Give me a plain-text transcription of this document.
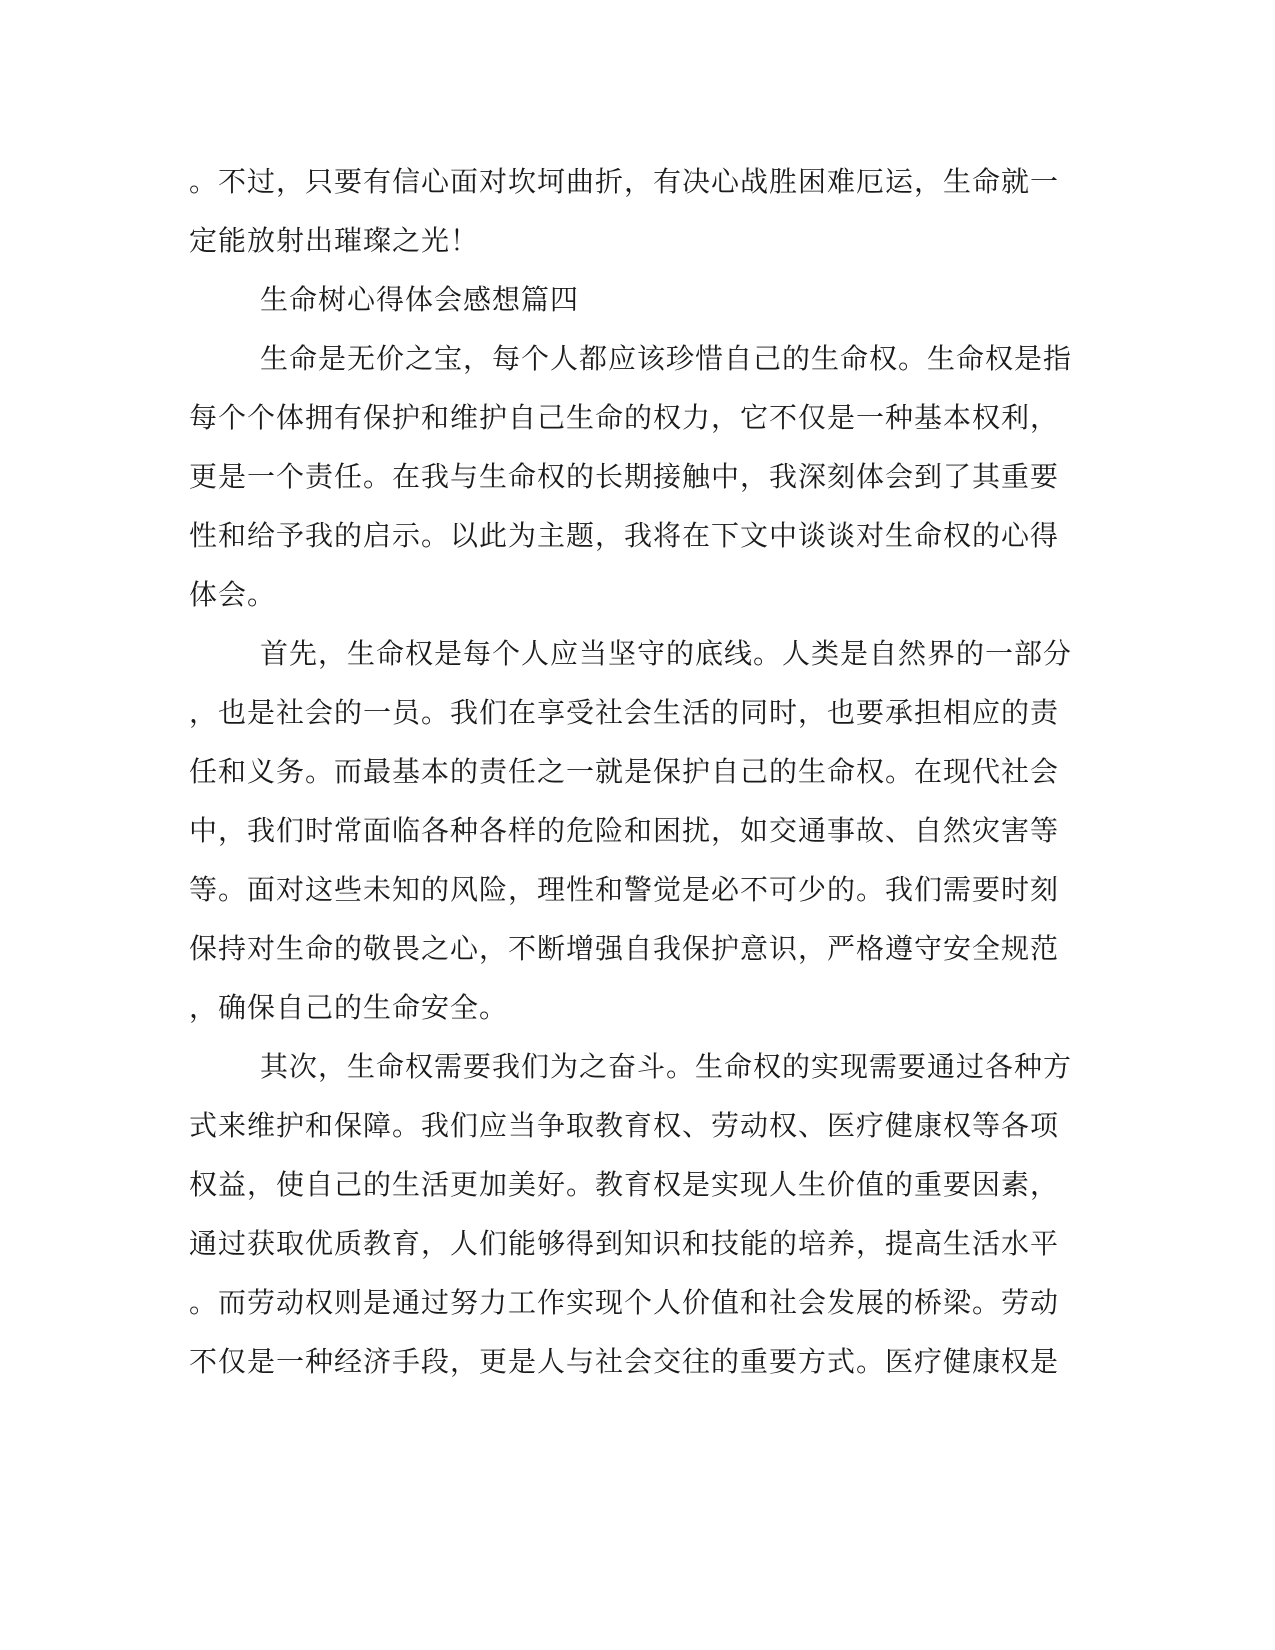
。不过，只要有信心面对坎坷曲折，有决心战胜困难厄运，生命就一
定能放射出璀璨之光！
生命树心得体会感想篇四
生命是无价之宝，每个人都应该珍惜自己的生命权。生命权是指
每个个体拥有保护和维护自己生命的权力，它不仅是一种基本权利，
更是一个责任。在我与生命权的长期接触中，我深刻体会到了其重要
性和给予我的启示。以此为主题，我将在下文中谈谈对生命权的心得
体会。
首先，生命权是每个人应当坚守的底线。人类是自然界的一部分
，也是社会的一员。我们在享受社会生活的同时，也要承担相应的责
任和义务。而最基本的责任之一就是保护自己的生命权。在现代社会
中，我们时常面临各种各样的危险和困扰，如交通事故、自然灾害等
等。面对这些未知的风险，理性和警觉是必不可少的。我们需要时刻
保持对生命的敬畏之心，不断增强自我保护意识，严格遵守安全规范
，确保自己的生命安全。
其次，生命权需要我们为之奋斗。生命权的实现需要通过各种方
式来维护和保障。我们应当争取教育权、劳动权、医疗健康权等各项
权益，使自己的生活更加美好。教育权是实现人生价值的重要因素，
通过获取优质教育，人们能够得到知识和技能的培养，提高生活水平
。而劳动权则是通过努力工作实现个人价值和社会发展的桥梁。劳动
不仅是一种经济手段，更是人与社会交往的重要方式。医疗健康权是
